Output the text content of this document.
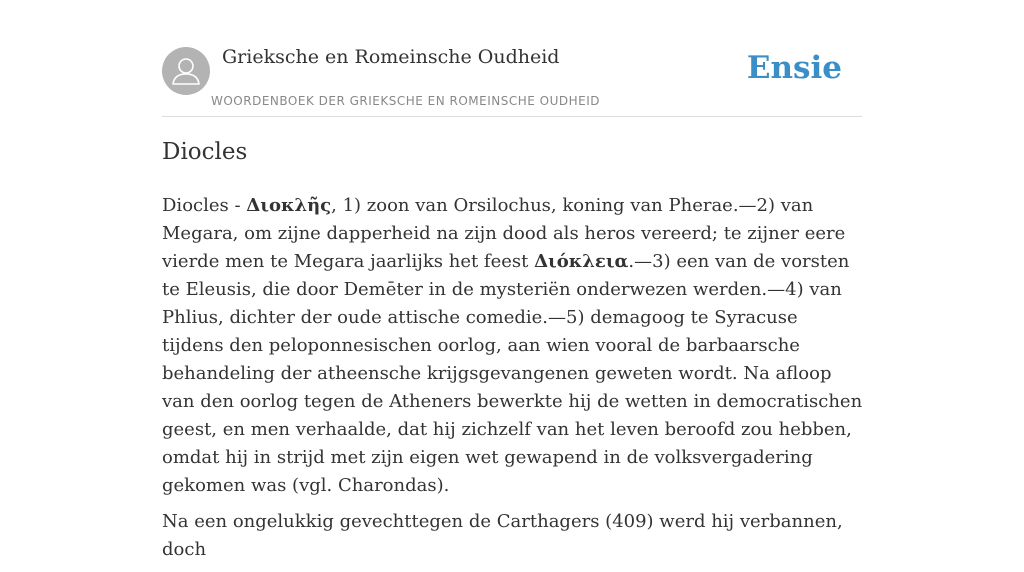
Grieksche en Romeinsche Oudheid
WOORDENBOEK DER GRIEKSCHE EN ROMEINSCHE OUDHEID
Ensie
Diocles

Diocles - Διοκλῆς, 1) zoon van Orsilochus, koning van Pherae.—2) van Megara, om zijne dapperheid na zijn dood als heros vereerd; te zijner eere vierde men te Megara jaarlijks het feest Διόκλεια.—3) een van de vorsten te Eleusis, die door Demēter in de mysteriën onderwezen werden.—4) van Phlius, dichter der oude attische comedie.—5) demagoog te Syracuse tijdens den peloponnesischen oorlog, aan wien vooral de barbaarsche behandeling der atheensche krijgsgevangenen geweten wordt. Na afloop van den oorlog tegen de Atheners bewerkte hij de wetten in democratischen geest, en men verhaalde, dat hij zichzelf van het leven beroofd zou hebben, omdat hij in strijd met zijn eigen wet gewapend in de volksvergadering gekomen was (vgl. Charondas).

Na een ongelukkig gevechttegen de Carthagers (409) werd hij verbannen, doch
